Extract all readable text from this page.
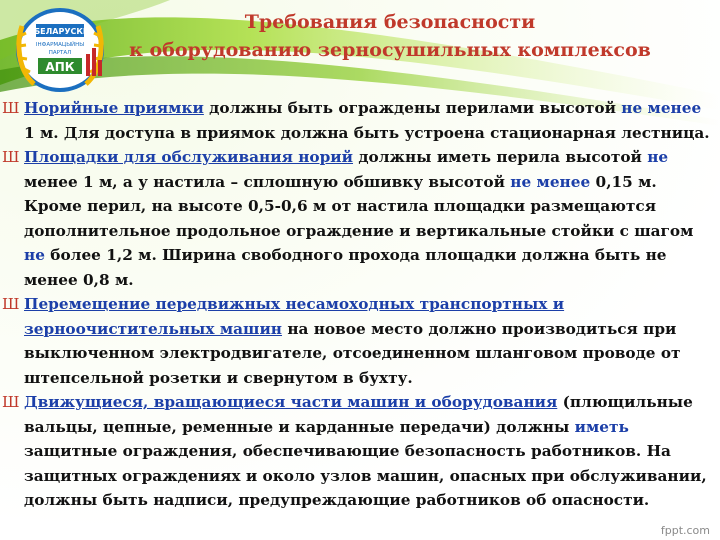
БЕЛАРУСКІ
ІНФАРМАЦЫЙНЫ
ПАРТАЛ
АПК
Требования безопасности
к оборудованию зерносушильных комплексов
Ш Норийные приямки должны быть ограждены перилами высотой не менее 1 м. Для доступа в приямок должна быть устроена стационарная лестница.
Ш Площадки для обслуживания норий должны иметь перила высотой не менее 1 м, а у настила – сплошную обшивку высотой не менее 0,15 м. Кроме перил, на высоте 0,5-0,6 м от настила площадки размещаются дополнительное продольное ограждение и вертикальные стойки с шагом не более 1,2 м. Ширина свободного прохода площадки должна быть не менее 0,8 м.
Ш Перемещение передвижных несамоходных транспортных и зерноочистительных машин на новое место должно производиться при выключенном электродвигателе, отсоединенном шланговом проводе от штепсельной розетки и свернутом в бухту.
Ш Движущиеся, вращающиеся части машин и оборудования (плющильные вальцы, цепные, ременные и карданные передачи) должны иметь защитные ограждения, обеспечивающие безопасность работников. На защитных ограждениях и около узлов машин, опасных при обслуживании, должны быть надписи, предупреждающие работников об опасности.
fppt.com
